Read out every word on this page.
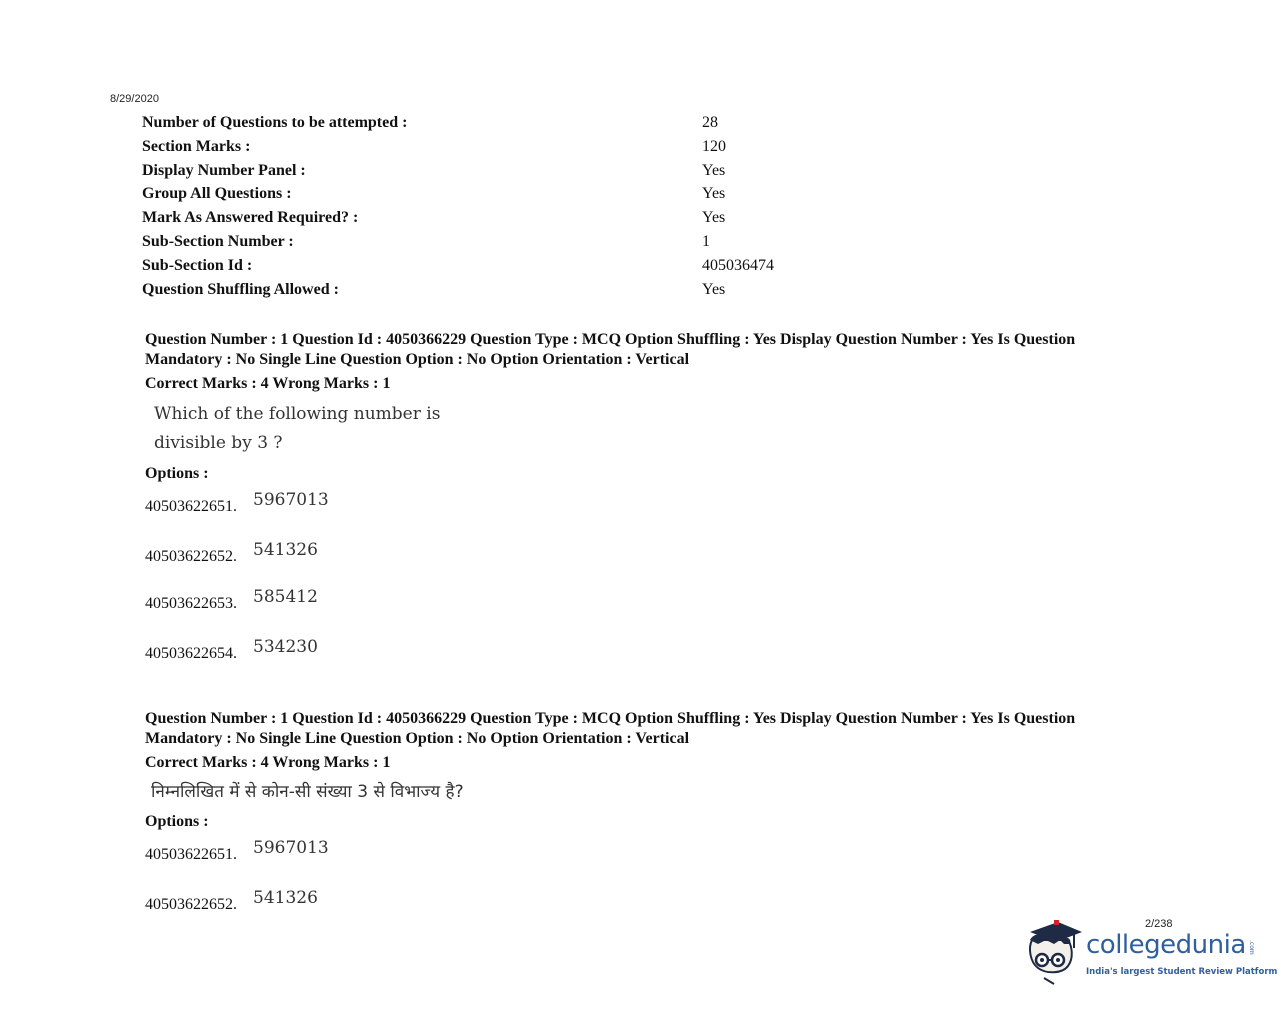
8/29/2020
Number of Questions to be attempted :	28
Section Marks :	120
Display Number Panel :	Yes
Group All Questions :	Yes
Mark As Answered Required? :	Yes
Sub-Section Number :	1
Sub-Section Id :	405036474
Question Shuffling Allowed :	Yes
Question Number : 1 Question Id : 4050366229 Question Type : MCQ Option Shuffling : Yes Display Question Number : Yes Is Question Mandatory : No Single Line Question Option : No Option Orientation : Vertical
Correct Marks : 4 Wrong Marks : 1
Which of the following number is divisible by 3 ?
Options :
40503622651. 5967013
40503622652. 541326
40503622653. 585412
40503622654. 534230
Question Number : 1 Question Id : 4050366229 Question Type : MCQ Option Shuffling : Yes Display Question Number : Yes Is Question Mandatory : No Single Line Question Option : No Option Orientation : Vertical
Correct Marks : 4 Wrong Marks : 1
निम्नलिखित में से कोन-सी संख्या 3 से विभाज्य है?
Options :
40503622651. 5967013
40503622652. 541326
2/238
collegedunia .com
India's largest Student Review Platform
